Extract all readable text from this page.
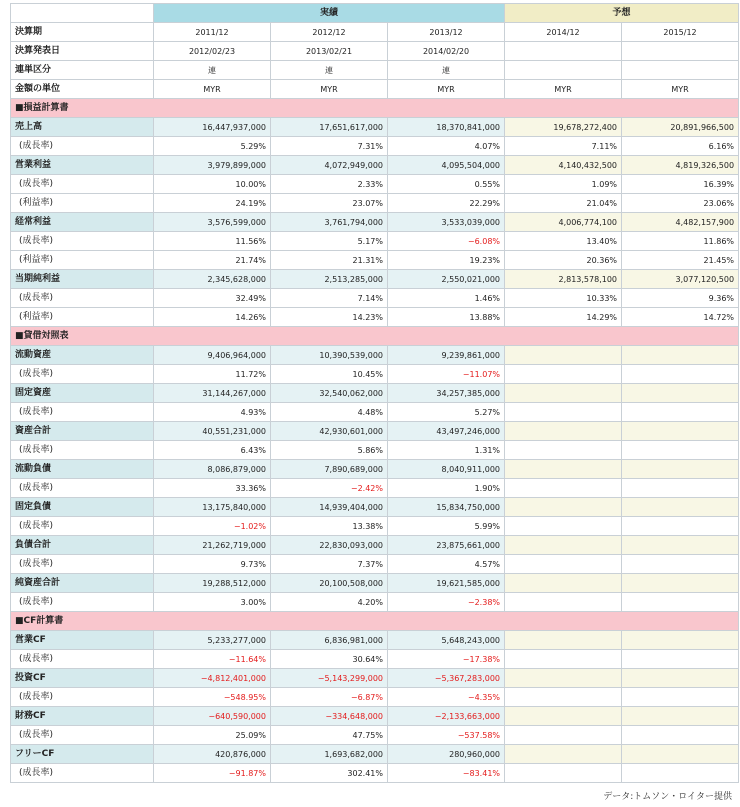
	実績			予想	
決算期	2011/12	2012/12	2013/12	2014/12	2015/12
決算発表日	2012/02/23	2013/02/21	2014/02/20		
連単区分	連	連	連		
金額の単位	MYR	MYR	MYR	MYR	MYR
■損益計算書					
売上高	16,447,937,000	17,651,617,000	18,370,841,000	19,678,272,400	20,891,966,500
(成長率)	5.29%	7.31%	4.07%	7.11%	6.16%
営業利益	3,979,899,000	4,072,949,000	4,095,504,000	4,140,432,500	4,819,326,500
(成長率)	10.00%	2.33%	0.55%	1.09%	16.39%
(利益率)	24.19%	23.07%	22.29%	21.04%	23.06%
経常利益	3,576,599,000	3,761,794,000	3,533,039,000	4,006,774,100	4,482,157,900
(成長率)	11.56%	5.17%	−6.08%	13.40%	11.86%
(利益率)	21.74%	21.31%	19.23%	20.36%	21.45%
当期純利益	2,345,628,000	2,513,285,000	2,550,021,000	2,813,578,100	3,077,120,500
(成長率)	32.49%	7.14%	1.46%	10.33%	9.36%
(利益率)	14.26%	14.23%	13.88%	14.29%	14.72%
■貸借対照表					
流動資産	9,406,964,000	10,390,539,000	9,239,861,000		
(成長率)	11.72%	10.45%	−11.07%		
固定資産	31,144,267,000	32,540,062,000	34,257,385,000		
(成長率)	4.93%	4.48%	5.27%		
資産合計	40,551,231,000	42,930,601,000	43,497,246,000		
(成長率)	6.43%	5.86%	1.31%		
流動負債	8,086,879,000	7,890,689,000	8,040,911,000		
(成長率)	33.36%	−2.42%	1.90%		
固定負債	13,175,840,000	14,939,404,000	15,834,750,000		
(成長率)	−1.02%	13.38%	5.99%		
負債合計	21,262,719,000	22,830,093,000	23,875,661,000		
(成長率)	9.73%	7.37%	4.57%		
純資産合計	19,288,512,000	20,100,508,000	19,621,585,000		
(成長率)	3.00%	4.20%	−2.38%		
■CF計算書					
営業CF	5,233,277,000	6,836,981,000	5,648,243,000		
(成長率)	−11.64%	30.64%	−17.38%		
投資CF	−4,812,401,000	−5,143,299,000	−5,367,283,000		
(成長率)	−548.95%	−6.87%	−4.35%		
財務CF	−640,590,000	−334,648,000	−2,133,663,000		
(成長率)	25.09%	47.75%	−537.58%		
フリーCF	420,876,000	1,693,682,000	280,960,000		
(成長率)	−91.87%	302.41%	−83.41%		
データ:トムソン・ロイター提供
